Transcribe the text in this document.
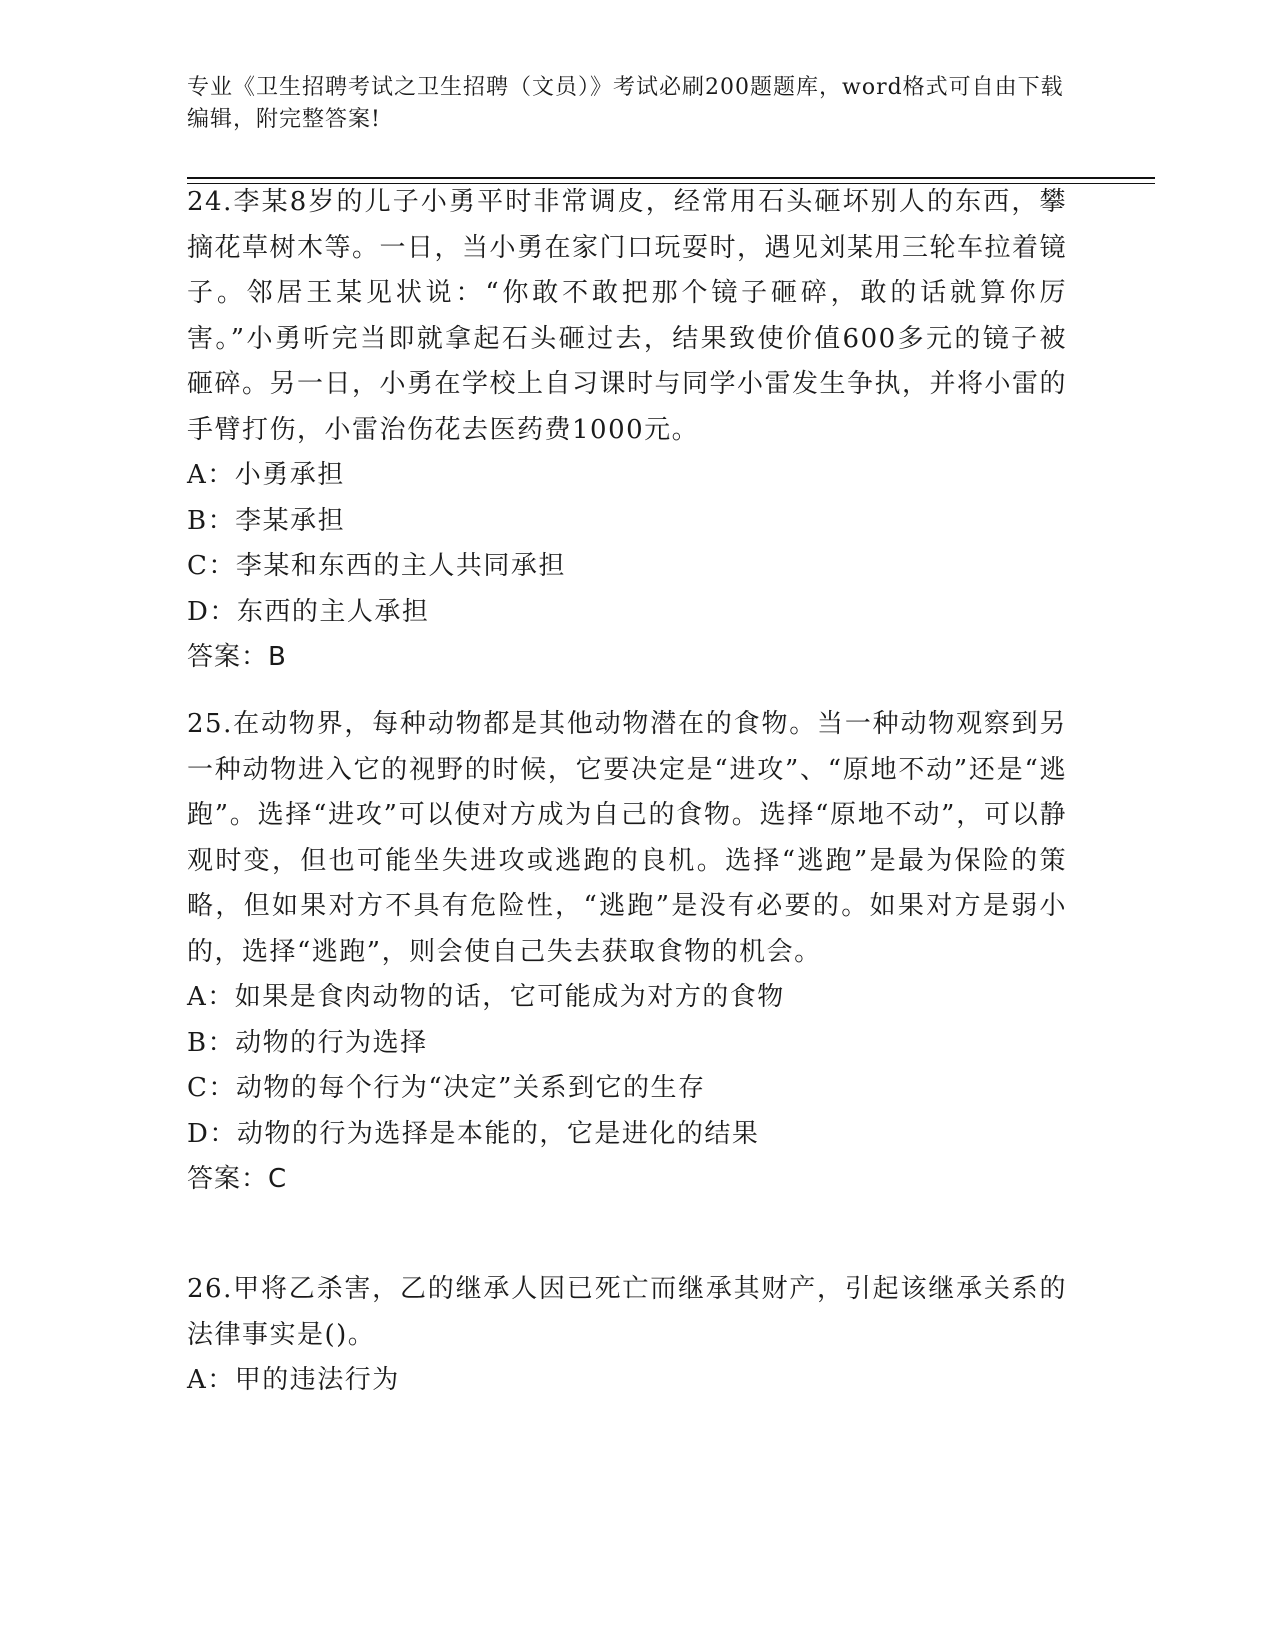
专业《卫生招聘考试之卫生招聘（文员）》考试必刷200题题库，word格式可自由下载编辑，附完整答案!

24.李某8岁的儿子小勇平时非常调皮，经常用石头砸坏别人的东西，攀摘花草树木等。一日，当小勇在家门口玩耍时，遇见刘某用三轮车拉着镜子。邻居王某见状说：“你敢不敢把那个镜子砸碎，敢的话就算你厉害。”小勇听完当即就拿起石头砸过去，结果致使价值600多元的镜子被砸碎。另一日，小勇在学校上自习课时与同学小雷发生争执，并将小雷的手臂打伤，小雷治伤花去医药费1000元。

A：小勇承担

B：李某承担

C：李某和东西的主人共同承担

D：东西的主人承担

答案：B

25.在动物界，每种动物都是其他动物潜在的食物。当一种动物观察到另一种动物进入它的视野的时候，它要决定是“进攻”、“原地不动”还是“逃跑”。选择“进攻”可以使对方成为自己的食物。选择“原地不动”，可以静观时变，但也可能坐失进攻或逃跑的良机。选择“逃跑”是最为保险的策略，但如果对方不具有危险性，“逃跑”是没有必要的。如果对方是弱小的，选择“逃跑”，则会使自己失去获取食物的机会。

A：如果是食肉动物的话，它可能成为对方的食物

B：动物的行为选择

C：动物的每个行为“决定”关系到它的生存

D：动物的行为选择是本能的，它是进化的结果

答案：C

26.甲将乙杀害，乙的继承人因已死亡而继承其财产，引起该继承关系的法律事实是()。

A：甲的违法行为
